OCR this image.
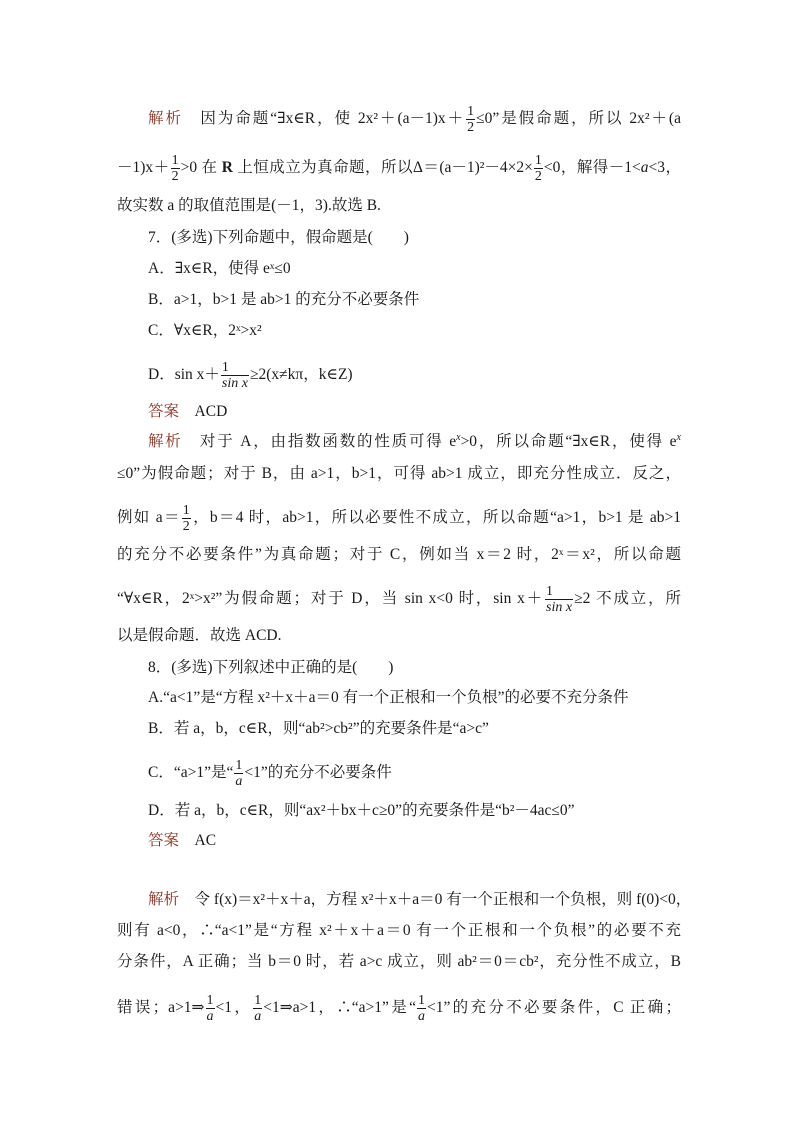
解析　 因为命题“∃x∈R，使 $2x^2+(a-1)x+ \frac{1}{2} \le 0$”是假命题，所以 2x²＋(a
$-1)x+ \frac{1}{2} >0$ 在 R 上恒成立为真命题，所以$\Delta=(a-1)^2-4\times 2\times \frac{1}{2} <0$，解得－1<a<3，
故实数 a 的取值范围是(－1，3).故选 B.
7．(多选)下列命题中，假命题是(　　)
A．∃x∈R，使得 eˣ≤0
B．a>1，b>1 是 ab>1 的充分不必要条件
C．∀x∈R，2ˣ>x²
D．$\sin x+ \frac{1}{\text{sin x}} \ge 2(x\ne k\pi$，k∈Z)
答案　 ACD
解析　 对于 A，由指数函数的性质可得 $e^x>0$，所以命题“∃x∈R，使得 $e^x$
≤0”为假命题；对于 B，由 a>1，b>1，可得 ab>1 成立，即充分性成立．反之，
例如 $a= \frac{1}{2}$ ，b＝4 时，ab>1，所以必要性不成立，所以命题“a>1，b>1 是 ab>1
的充分不必要条件”为真命题；对于 C，例如当 x＝2 时，2ˣ＝x²，所以命题
“∀x∈R，2ˣ>x²”为假命题；对于 D，当 sin x<0 时，$\sin x+ \frac{1}{\text{sin x}} \ge 2$ 不成立，所
以是假命题．故选 ACD.
8．(多选)下列叙述中正确的是(　　)
A.“a<1”是“方程 x²＋x＋a＝0 有一个正根和一个负根”的必要不充分条件
B．若 a，b，c∈R，则“ab²>cb²”的充要条件是“a>c”
C．“a>1”是“ $\frac{1}{a} <1$”的充分不必要条件
D．若 a，b，c∈R，则“ax²＋bx＋c≥0”的充要条件是“b²－4ac≤0”
答案　 AC
解析　 令 f(x)＝x²＋x＋a，方程 x²＋x＋a＝0 有一个正根和一个负根，则 f(0)<0，
则有 a<0，∴“a<1”是“方程 x²＋x＋a＝0 有一个正根和一个负根”的必要不充
分条件，A 正确；当 b＝0 时，若 a>c 成立，则 ab²＝0＝cb²，充分性不成立，B
错误；a>1⇒ $\frac{1}{a} <1$， $\frac{1}{a}$ <1⇒a>1，∴“a>1”是“ $\frac{1}{a} <1$”的充分不必要条件，C 正确；
